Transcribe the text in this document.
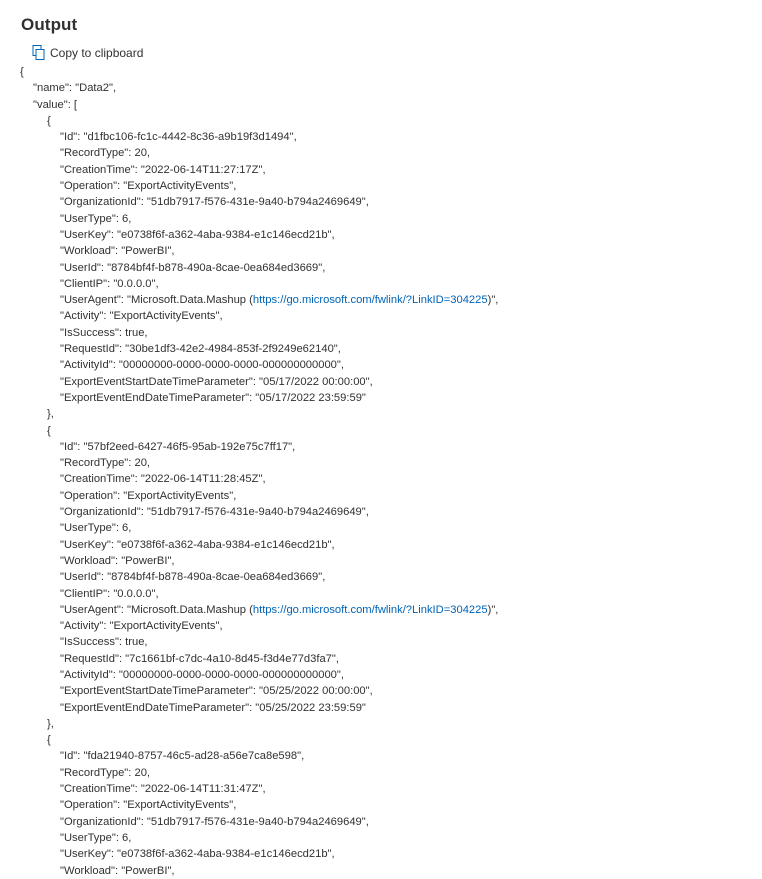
Output
Copy to clipboard
{
"name": "Data2",
"value": [
{
"Id": "d1fbc106-fc1c-4442-8c36-a9b19f3d1494",
"RecordType": 20,
"CreationTime": "2022-06-14T11:27:17Z",
"Operation": "ExportActivityEvents",
"OrganizationId": "51db7917-f576-431e-9a40-b794a2469649",
"UserType": 6,
"UserKey": "e0738f6f-a362-4aba-9384-e1c146ecd21b",
"Workload": "PowerBI",
"UserId": "8784bf4f-b878-490a-8cae-0ea684ed3669",
"ClientIP": "0.0.0.0",
"UserAgent": "Microsoft.Data.Mashup (https://go.microsoft.com/fwlink/?LinkID=304225)",
"Activity": "ExportActivityEvents",
"IsSuccess": true,
"RequestId": "30be1df3-42e2-4984-853f-2f9249e62140",
"ActivityId": "00000000-0000-0000-0000-000000000000",
"ExportEventStartDateTimeParameter": "05/17/2022 00:00:00",
"ExportEventEndDateTimeParameter": "05/17/2022 23:59:59"
},
{
"Id": "57bf2eed-6427-46f5-95ab-192e75c7ff17",
"RecordType": 20,
"CreationTime": "2022-06-14T11:28:45Z",
"Operation": "ExportActivityEvents",
"OrganizationId": "51db7917-f576-431e-9a40-b794a2469649",
"UserType": 6,
"UserKey": "e0738f6f-a362-4aba-9384-e1c146ecd21b",
"Workload": "PowerBI",
"UserId": "8784bf4f-b878-490a-8cae-0ea684ed3669",
"ClientIP": "0.0.0.0",
"UserAgent": "Microsoft.Data.Mashup (https://go.microsoft.com/fwlink/?LinkID=304225)",
"Activity": "ExportActivityEvents",
"IsSuccess": true,
"RequestId": "7c1661bf-c7dc-4a10-8d45-f3d4e77d3fa7",
"ActivityId": "00000000-0000-0000-0000-000000000000",
"ExportEventStartDateTimeParameter": "05/25/2022 00:00:00",
"ExportEventEndDateTimeParameter": "05/25/2022 23:59:59"
},
{
"Id": "fda21940-8757-46c5-ad28-a56e7ca8e598",
"RecordType": 20,
"CreationTime": "2022-06-14T11:31:47Z",
"Operation": "ExportActivityEvents",
"OrganizationId": "51db7917-f576-431e-9a40-b794a2469649",
"UserType": 6,
"UserKey": "e0738f6f-a362-4aba-9384-e1c146ecd21b",
"Workload": "PowerBI",
